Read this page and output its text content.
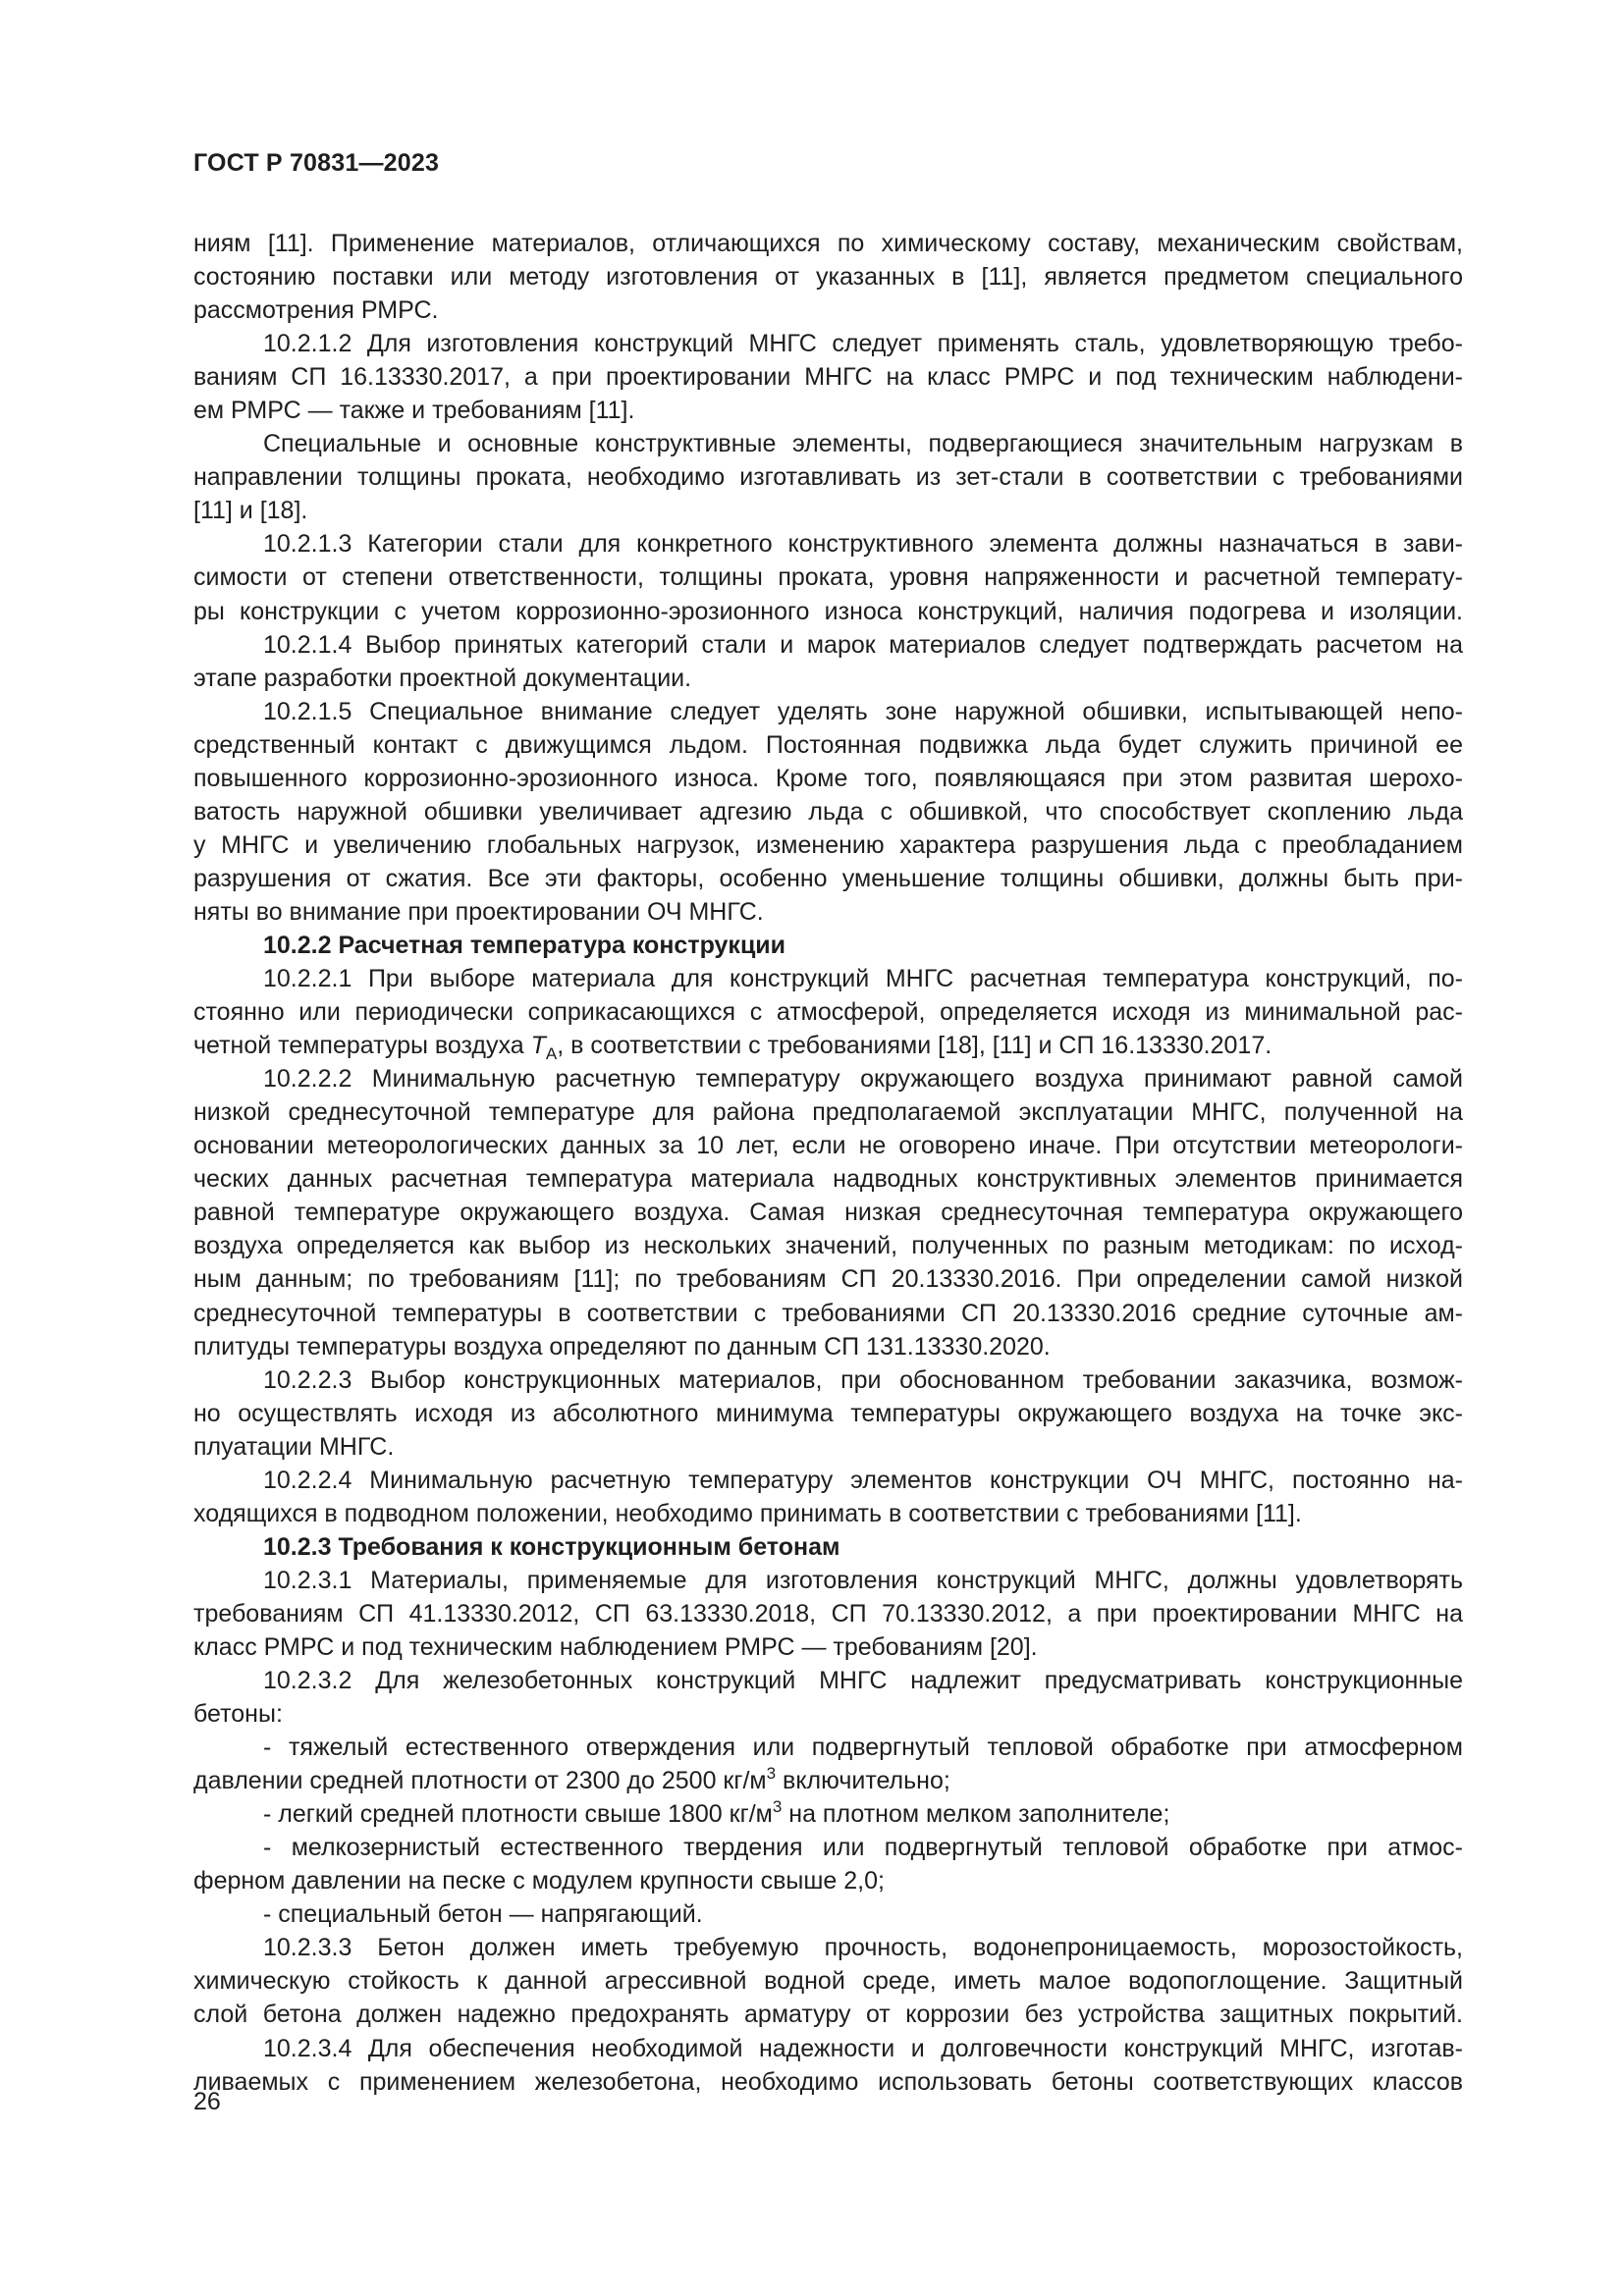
ГОСТ Р 70831—2023
ниям [11]. Применение материалов, отличающихся по химическому составу, механическим свойствам,
состоянию поставки или методу изготовления от указанных в [11], является предметом специального
рассмотрения РМРС.
10.2.1.2 Для изготовления конструкций МНГС следует применять сталь, удовлетворяющую требо-
ваниям СП 16.13330.2017, а при проектировании МНГС на класс РМРС и под техническим наблюдени-
ем РМРС — также и требованиям [11].
Специальные и основные конструктивные элементы, подвергающиеся значительным нагрузкам в
направлении толщины проката, необходимо изготавливать из зет-стали в соответствии с требованиями
[11] и [18].
10.2.1.3 Категории стали для конкретного конструктивного элемента должны назначаться в зави-
симости от степени ответственности, толщины проката, уровня напряженности и расчетной температу-
ры конструкции с учетом коррозионно-эрозионного износа конструкций, наличия подогрева и изоляции.
10.2.1.4 Выбор принятых категорий стали и марок материалов следует подтверждать расчетом на
этапе разработки проектной документации.
10.2.1.5 Специальное внимание следует уделять зоне наружной обшивки, испытывающей непо-
средственный контакт с движущимся льдом. Постоянная подвижка льда будет служить причиной ее
повышенного коррозионно-эрозионного износа. Кроме того, появляющаяся при этом развитая шерохо-
ватость наружной обшивки увеличивает адгезию льда с обшивкой, что способствует скоплению льда
у МНГС и увеличению глобальных нагрузок, изменению характера разрушения льда с преобладанием
разрушения от сжатия. Все эти факторы, особенно уменьшение толщины обшивки, должны быть при-
няты во внимание при проектировании ОЧ МНГС.
10.2.2 Расчетная температура конструкции
10.2.2.1 При выборе материала для конструкций МНГС расчетная температура конструкций, по-
стоянно или периодически соприкасающихся с атмосферой, определяется исходя из минимальной рас-
четной температуры воздуха $T_A$, в соответствии с требованиями [18], [11] и СП 16.13330.2017.
10.2.2.2 Минимальную расчетную температуру окружающего воздуха принимают равной самой
низкой среднесуточной температуре для района предполагаемой эксплуатации МНГС, полученной на
основании метеорологических данных за 10 лет, если не оговорено иначе. При отсутствии метеорологи-
ческих данных расчетная температура материала надводных конструктивных элементов принимается
равной температуре окружающего воздуха. Самая низкая среднесуточная температура окружающего
воздуха определяется как выбор из нескольких значений, полученных по разным методикам: по исход-
ным данным; по требованиям [11]; по требованиям СП 20.13330.2016. При определении самой низкой
среднесуточной температуры в соответствии с требованиями СП 20.13330.2016 средние суточные ам-
плитуды температуры воздуха определяют по данным СП 131.13330.2020.
10.2.2.3 Выбор конструкционных материалов, при обоснованном требовании заказчика, возмож-
но осуществлять исходя из абсолютного минимума температуры окружающего воздуха на точке экс-
плуатации МНГС.
10.2.2.4 Минимальную расчетную температуру элементов конструкции ОЧ МНГС, постоянно на-
ходящихся в подводном положении, необходимо принимать в соответствии с требованиями [11].
10.2.3 Требования к конструкционным бетонам
10.2.3.1 Материалы, применяемые для изготовления конструкций МНГС, должны удовлетворять
требованиям СП 41.13330.2012, СП 63.13330.2018, СП 70.13330.2012, а при проектировании МНГС на
класс РМРС и под техническим наблюдением РМРС — требованиям [20].
10.2.3.2 Для железобетонных конструкций МНГС надлежит предусматривать конструкционные
бетоны:
- тяжелый естественного отверждения или подвергнутый тепловой обработке при атмосферном
давлении средней плотности от 2300 до 2500 $кг/м^3$ включительно;
- легкий средней плотности свыше 1800 $кг/м^3$ на плотном мелком заполнителе;
- мелкозернистый естественного твердения или подвергнутый тепловой обработке при атмос-
ферном давлении на песке с модулем крупности свыше 2,0;
- специальный бетон — напрягающий.
10.2.3.3 Бетон должен иметь требуемую прочность, водонепроницаемость, морозостойкость,
химическую стойкость к данной агрессивной водной среде, иметь малое водопоглощение. Защитный
слой бетона должен надежно предохранять арматуру от коррозии без устройства защитных покрытий.
10.2.3.4 Для обеспечения необходимой надежности и долговечности конструкций МНГС, изготав-
ливаемых с применением железобетона, необходимо использовать бетоны соответствующих классов
26
